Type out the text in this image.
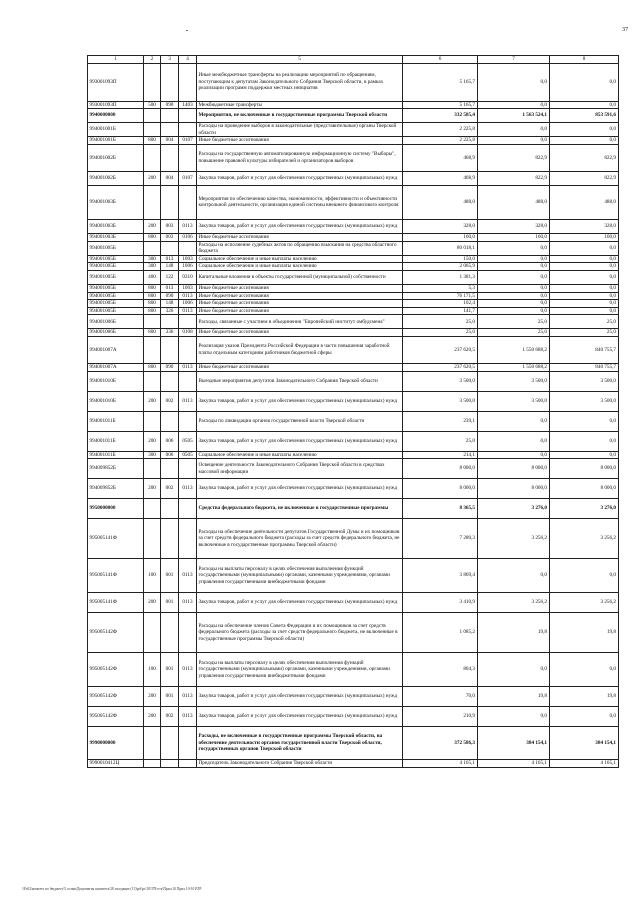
37
1	2	3	4	5	6	7	8
993001093П				Иные межбюджетные трансферты на реализацию мероприятий по обращениям, поступающим к депутатам Законодательного Собрания Тверской области, в рамках реализации программ поддержки местных инициатив	5 165,7	0,0	0,0
993001093П	500	090	1403	Межбюджетные трансферты	5 165,7	0,0	0,0
9940000000				Мероприятия, не включенные в государственные программы Тверской области	332 585,4	1 563 524,1	853 591,6
994001001Б				Расходы на проведение выборов в законодательные (представительные) органы Тверской области	2 225,8	0,0	0,0
994001001Б	800	004	0107	Иные бюджетные ассигнования	2 225,8	0,0	0,0
994001002Б				Расходы на государственную автоматизированную информационную систему "Выборы", повышение правовой культуры избирателей и организаторов выборов	468,9	822,9	822,9
994001002Б	200	004	0107	Закупка товаров, работ и услуг для обеспечения государственных (муниципальных) нужд	468,9	822,9	822,9
994001003Б				Мероприятия по обеспечению качества, экономичности, эффективности и объективности контрольной деятельности, организация единой системы внешнего финансового контроля	488,0	488,0	488,0
994001003Б	200	003	0113	Закупка товаров, работ и услуг для обеспечения государственных (муниципальных) нужд	328,0	328,0	328,0
994001003Б	800	003	0106	Иные бюджетные ассигнования	160,0	160,0	160,0
994001005Б				Расходы на исполнение судебных актов по обращению взыскания на средства областного бюджета	80 018,1	0,0	0,0
994001005Б	300	013	1003	Социальное обеспечение и иные выплаты населению	150,0	0,0	0,0
994001005Б	300	148	1006	Социальное обеспечение и иные выплаты населению	2 065,9	0,0	0,0
994001005Б	400	122	0310	Капитальные вложения в объекты государственной (муниципальной) собственности	1 381,3	0,0	0,0
994001005Б	800	013	1003	Иные бюджетные ассигнования	5,3	0,0	0,0
994001005Б	800	090	0113	Иные бюджетные ассигнования	76 171,5	0,0	0,0
994001005Б	800	148	1006	Иные бюджетные ассигнования	102,4	0,0	0,0
994001005Б	800	326	0113	Иные бюджетные ассигнования	141,7	0,0	0,0
994001006Б				Расходы, связанные с участием в объединении "Европейский институт омбудсмена"	25,0	25,0	25,0
994001006Б	800	336	0108	Иные бюджетные ассигнования	25,0	25,0	25,0
994001007А				Реализация указов Президента Российской Федерации в части повышения заработной платы отдельным категориям работников бюджетной сферы	237 620,5	1 550 688,2	840 755,7
994001007А	800	090	0113	Иные бюджетные ассигнования	237 620,5	1 550 688,2	840 755,7
994001010Б				Выездные мероприятия депутатов Законодательного Собрания Тверской области	3 500,0	3 500,0	3 500,0
994001010Б	200	002	0113	Закупка товаров, работ и услуг для обеспечения государственных (муниципальных) нужд	3 500,0	3 500,0	3 500,0
994001011Б				Расходы по ликвидации органов государственной власти Тверской области	239,1	0,0	0,0
994001011Б	200	006	0505	Закупка товаров, работ и услуг для обеспечения государственных (муниципальных) нужд	25,0	0,0	0,0
994001011Б	300	006	0505	Социальное обеспечение и иные выплаты населению	214,1	0,0	0,0
994009852Б				Освещение деятельности Законодательного Собрания Тверской области в средствах массовой информации	8 000,0	8 000,0	8 000,0
994009852Б	200	002	0113	Закупка товаров, работ и услуг для обеспечения государственных (муниципальных) нужд	8 000,0	8 000,0	8 000,0
9950000000				Средства федерального бюджета, не включенные в государственные программы	8 365,5	3 276,0	3 276,0
995005141Ф				Расходы на обеспечение деятельности депутатов Государственной Думы и их помощников за счет средств федерального бюджета (расходы за счет средств федерального бюджета, не включенные в государственные программы Тверской области)	7 280,3	3 256,2	3 256,2
995005141Ф	100	001	0113	Расходы на выплаты персоналу в целях обеспечения выполнения функций государственными (муниципальными) органами, казенными учреждениями, органами управления государственными внебюджетными фондами	3 869,4	0,0	0,0
995005141Ф	200	001	0113	Закупка товаров, работ и услуг для обеспечения государственных (муниципальных) нужд	3 410,9	3 256,2	3 256,2
995005142Ф				Расходы на обеспечение членов Совета Федерации и их помощников за счет средств федерального бюджета (расходы за счет средств федерального бюджета, не включенные в государственные программы Тверской области)	1 085,2	19,8	19,8
995005142Ф	100	001	0113	Расходы на выплаты персоналу в целях обеспечения выполнения функций государственными (муниципальными) органами, казенными учреждениями, органами управления государственными внебюджетными фондами	804,3	0,0	0,0
995005142Ф	200	001	0113	Закупка товаров, работ и услуг для обеспечения государственных (муниципальных) нужд	70,0	19,8	19,8
995005142Ф	200	002	0113	Закупка товаров, работ и услуг для обеспечения государственных (муниципальных) нужд	210,9	0,0	0,0
9990000000				Расходы, не включенные в государственные программы Тверской области, на обеспечение деятельности органов государственной власти Тверской области, государственных органов Тверской области	372 586,3	384 154,1	384 154,1
9990010412Ц				Председатель Законодательного Собрания Тверской области	4 165,1	4 165,1	4 165,1
\\Fs02\комитет по бюджету\5 созыв\Документы комитета\28 заседание (11)\prl\pr\18\378-п-к\Прил.10 Прил.10-10.PZP
